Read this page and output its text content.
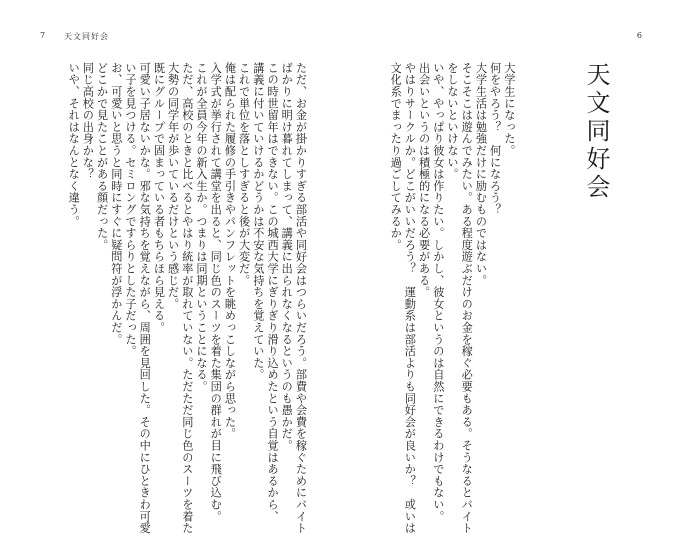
7 天文同好会	6
天文同好会
大学生になった。
何をやろう？　何になろう？
大学生活は勉強だけに励むものではない。
そこそこは遊んでみたい。ある程度遊ぶだけのお金を稼ぐ必要もある。そうなるとバイト
をしないといけない。
いや、やっぱり彼女は作りたい。しかし、彼女というのは自然にできるわけでもない。
出会いというのは積極的になる必要がある。
やはりサークルか。どこがいいだろう？　運動系は部活よりも同好会が良いか？　或いは
文化系でまったり過ごしてみるか。
ただ、お金が掛かりすぎる部活や同好会はつらいだろう。部費や会費を稼ぐためにバイト
ばかりに明け暮れてしまって、講義に出られなくなるというのも愚かだ。
この時世留年はできない。この城西大学にぎりぎり滑り込めたという自覚はあるから、
講義に付いていけるかどうかは不安な気持ちを覚えていた。
これで単位を落としすぎると後が大変だ。
俺は配られた履修の手引きやパンフレットを眺めっこしながら思った。
入学式が挙行されて講堂を出ると、同じ色のスーツを着た集団の群れが目に飛び込む。
これが全員今年の新入生か。つまりは同期ということになる。
ただ、高校のときと比べるとやはり統率が取れていない。ただただ同じ色のスーツを着た
大勢の同学年が歩いているだけという感じだ。
既にグループで固まっている者もちらほら見える。
可愛い子居ないかな。邪な気持ちを覚えながら、周囲を見回した。その中にひときわ可愛
い子を見つける。セミロングですらりとした子だった。
お、可愛いと思うと同時にすぐに疑問符が浮かんだ。
どこかで見たことがある顔だった。
同じ高校の出身かな？
いや、それはなんとなく違う。
